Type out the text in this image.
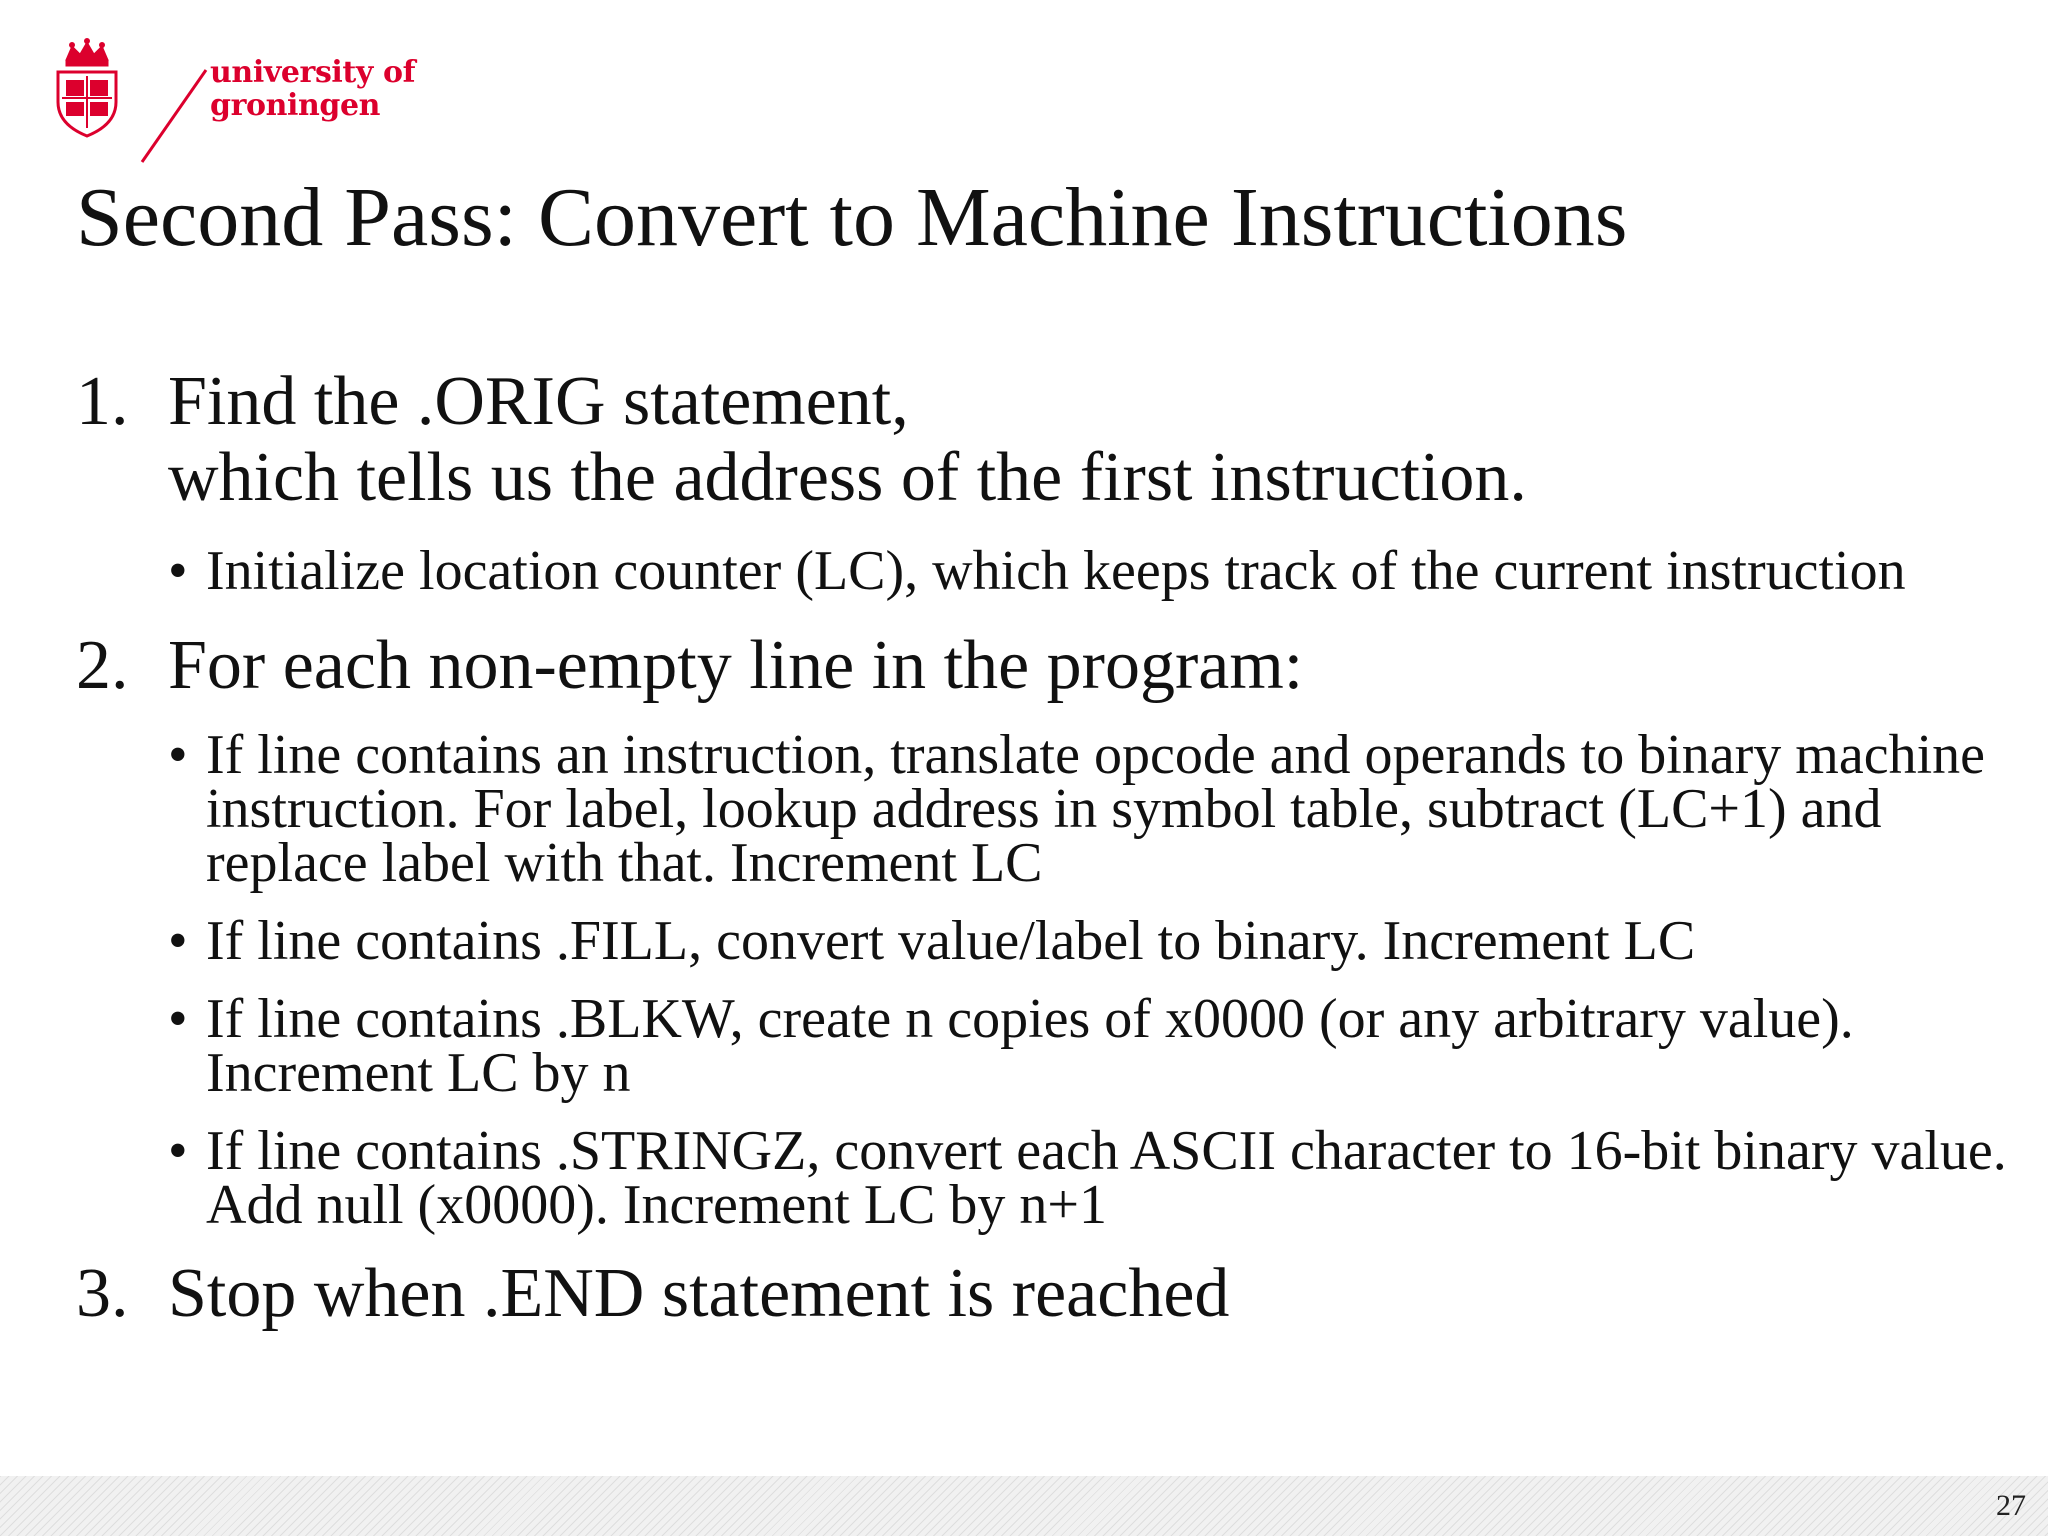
university of
groningen
Second Pass: Convert to Machine Instructions
1. Find the .ORIG statement,
which tells us the address of the first instruction.
• Initialize location counter (LC), which keeps track of the current instruction
2. For each non-empty line in the program:
• If line contains an instruction, translate opcode and operands to binary machine instruction. For label, lookup address in symbol table, subtract (LC+1) and replace label with that. Increment LC
• If line contains .FILL, convert value/label to binary. Increment LC
• If line contains .BLKW, create n copies of x0000 (or any arbitrary value). Increment LC by n
• If line contains .STRINGZ, convert each ASCII character to 16-bit binary value. Add null (x0000). Increment LC by n+1
3. Stop when .END statement is reached
27
